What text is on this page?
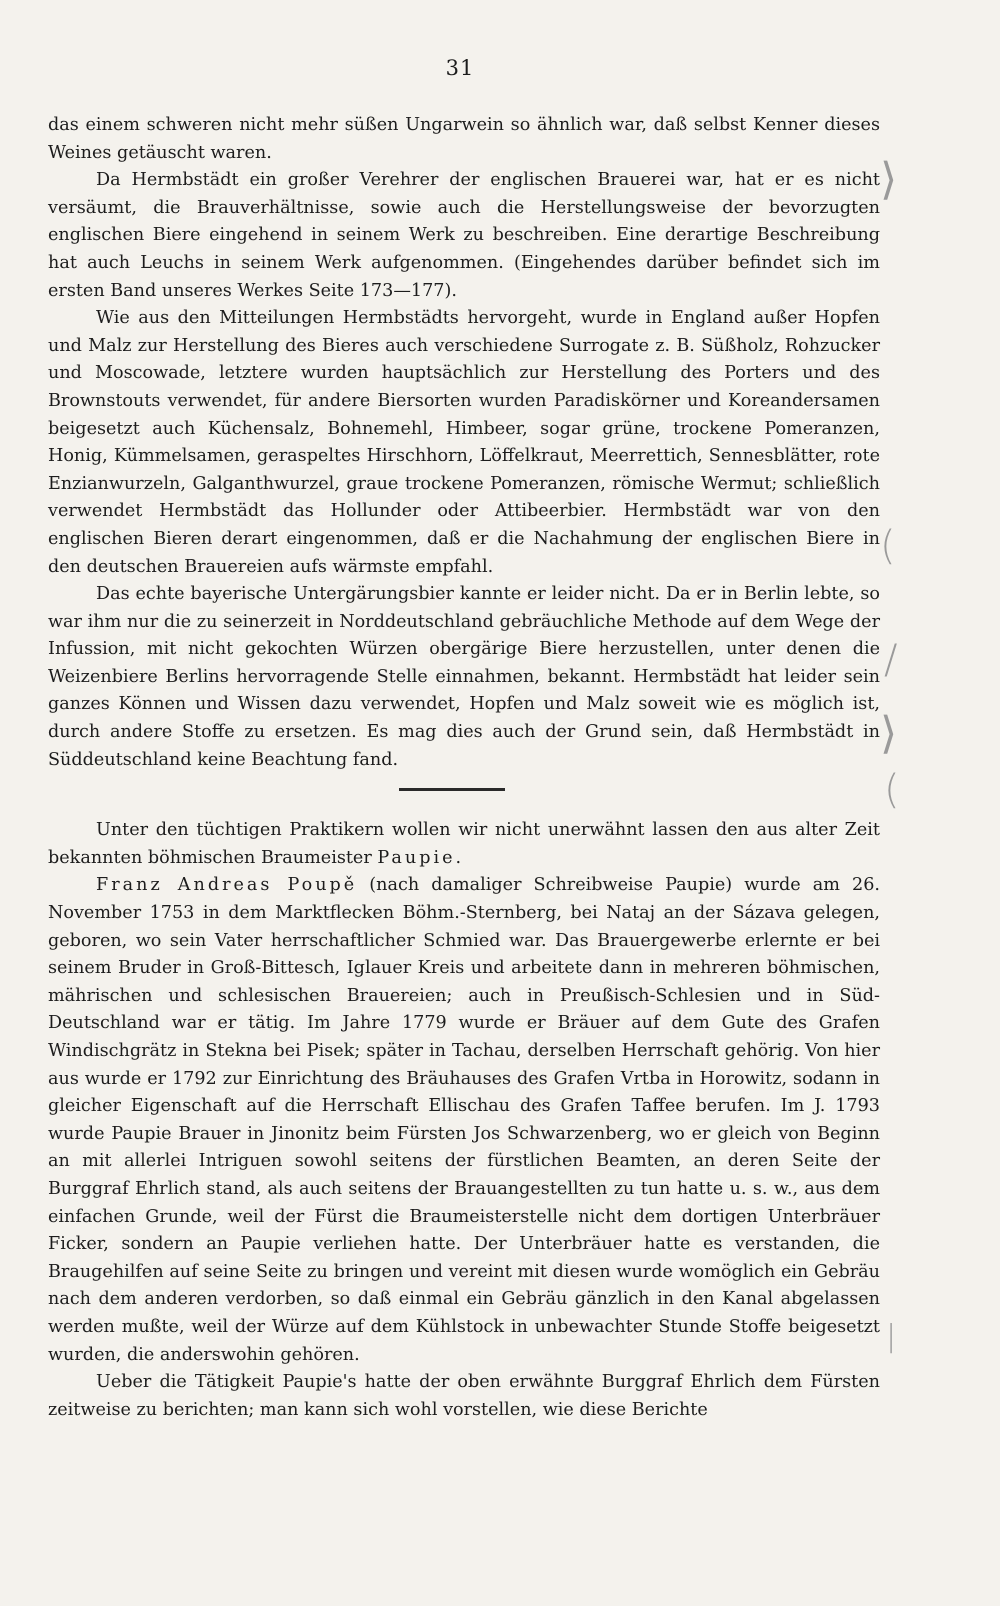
31
⟩
(
/
⟩
(
|

das einem schweren nicht mehr süßen Ungarwein so ähnlich war, daß selbst Kenner dieses Weines getäuscht waren.

Da Hermbstädt ein großer Verehrer der englischen Brauerei war, hat er es nicht versäumt, die Brauverhältnisse, sowie auch die Herstellungsweise der bevorzugten englischen Biere eingehend in seinem Werk zu beschreiben. Eine derartige Beschreibung hat auch Leuchs in seinem Werk aufgenommen. (Eingehendes darüber befindet sich im ersten Band unseres Werkes Seite 173—177).

Wie aus den Mitteilungen Hermbstädts hervorgeht, wurde in England außer Hopfen und Malz zur Herstellung des Bieres auch verschiedene Surrogate z. B. Süßholz, Rohzucker und Moscowade, letztere wurden hauptsächlich zur Herstellung des Porters und des Brownstouts verwendet, für andere Biersorten wurden Paradiskörner und Koreandersamen beigesetzt auch Küchensalz, Bohnemehl, Himbeer, sogar grüne, trockene Pomeranzen, Honig, Kümmelsamen, geraspeltes Hirschhorn, Löffelkraut, Meerrettich, Sennesblätter, rote Enzianwurzeln, Galganthwurzel, graue trockene Pomeranzen, römische Wermut; schließlich verwendet Hermbstädt das Hollunder oder Attibeerbier. Hermbstädt war von den englischen Bieren derart eingenommen, daß er die Nachahmung der englischen Biere in den deutschen Brauereien aufs wärmste empfahl.

Das echte bayerische Untergärungsbier kannte er leider nicht. Da er in Berlin lebte, so war ihm nur die zu seinerzeit in Norddeutschland gebräuchliche Methode auf dem Wege der Infussion, mit nicht gekochten Würzen obergärige Biere herzustellen, unter denen die Weizenbiere Berlins hervorragende Stelle einnahmen, bekannt. Hermbstädt hat leider sein ganzes Können und Wissen dazu verwendet, Hopfen und Malz soweit wie es möglich ist, durch andere Stoffe zu ersetzen. Es mag dies auch der Grund sein, daß Hermbstädt in Süddeutschland keine Beachtung fand.

Unter den tüchtigen Praktikern wollen wir nicht unerwähnt lassen den aus alter Zeit bekannten böhmischen Braumeister Paupie.

Franz Andreas Poupě (nach damaliger Schreibweise Paupie) wurde am 26. November 1753 in dem Marktflecken Böhm.-Sternberg, bei Nataj an der Sázava gelegen, geboren, wo sein Vater herrschaftlicher Schmied war. Das Brauergewerbe erlernte er bei seinem Bruder in Groß-Bittesch, Iglauer Kreis und arbeitete dann in mehreren böhmischen, mährischen und schlesischen Brauereien; auch in Preußisch-Schlesien und in Süd-Deutschland war er tätig. Im Jahre 1779 wurde er Bräuer auf dem Gute des Grafen Windischgrätz in Stekna bei Pisek; später in Tachau, derselben Herrschaft gehörig. Von hier aus wurde er 1792 zur Einrichtung des Bräuhauses des Grafen Vrtba in Horowitz, sodann in gleicher Eigenschaft auf die Herrschaft Ellischau des Grafen Taffee berufen. Im J. 1793 wurde Paupie Brauer in Jinonitz beim Fürsten Jos Schwarzenberg, wo er gleich von Beginn an mit allerlei Intriguen sowohl seitens der fürstlichen Beamten, an deren Seite der Burggraf Ehrlich stand, als auch seitens der Brauangestellten zu tun hatte u. s. w., aus dem einfachen Grunde, weil der Fürst die Braumeisterstelle nicht dem dortigen Unterbräuer Ficker, sondern an Paupie verliehen hatte. Der Unterbräuer hatte es verstanden, die Braugehilfen auf seine Seite zu bringen und vereint mit diesen wurde womöglich ein Gebräu nach dem anderen verdorben, so daß einmal ein Gebräu gänzlich in den Kanal abgelassen werden mußte, weil der Würze auf dem Kühlstock in unbewachter Stunde Stoffe beigesetzt wurden, die anderswohin gehören.

Ueber die Tätigkeit Paupie's hatte der oben erwähnte Burggraf Ehrlich dem Fürsten zeitweise zu berichten; man kann sich wohl vorstellen, wie diese Berichte
